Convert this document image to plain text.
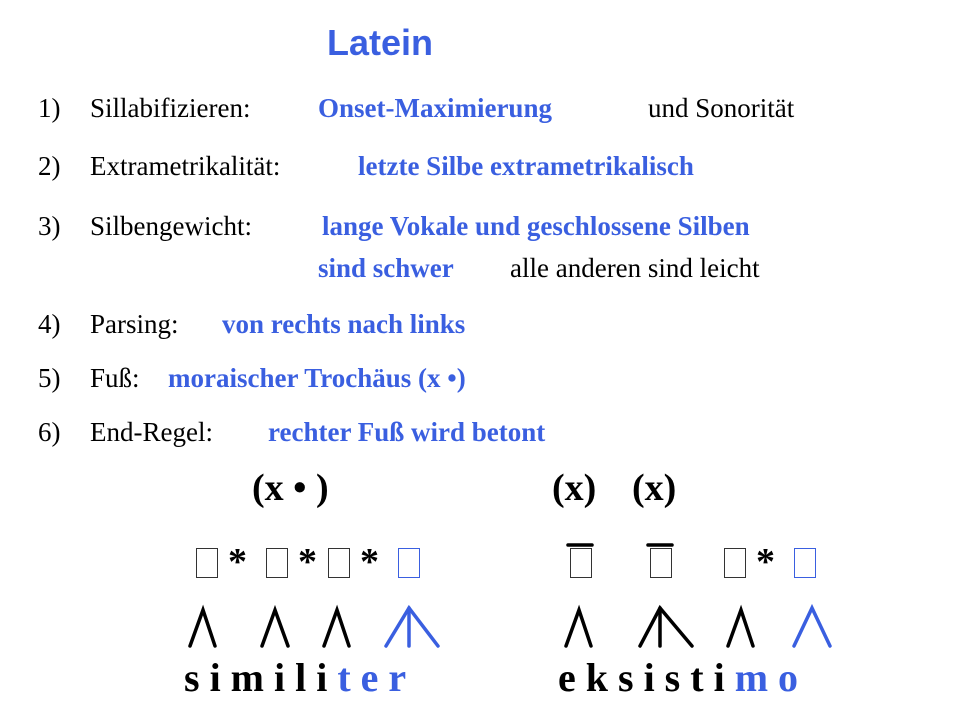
Latein
1) Sillabifizieren:	Onset-Maximierung	und Sonorität
2) Extrametrikalität:	letzte Silbe extrametrikalisch
3) Silbengewicht:	lange Vokale und geschlossene Silben
sind schwer alle anderen sind leicht
4) Parsing: von rechts nach links
5) Fuß: moraischer Trochäus (x •)
6) End-Regel: rechter Fuß wird betont
(x • )	(x) (x)
* * *	*
s i m i l i t e r	e k s i s t i m o
